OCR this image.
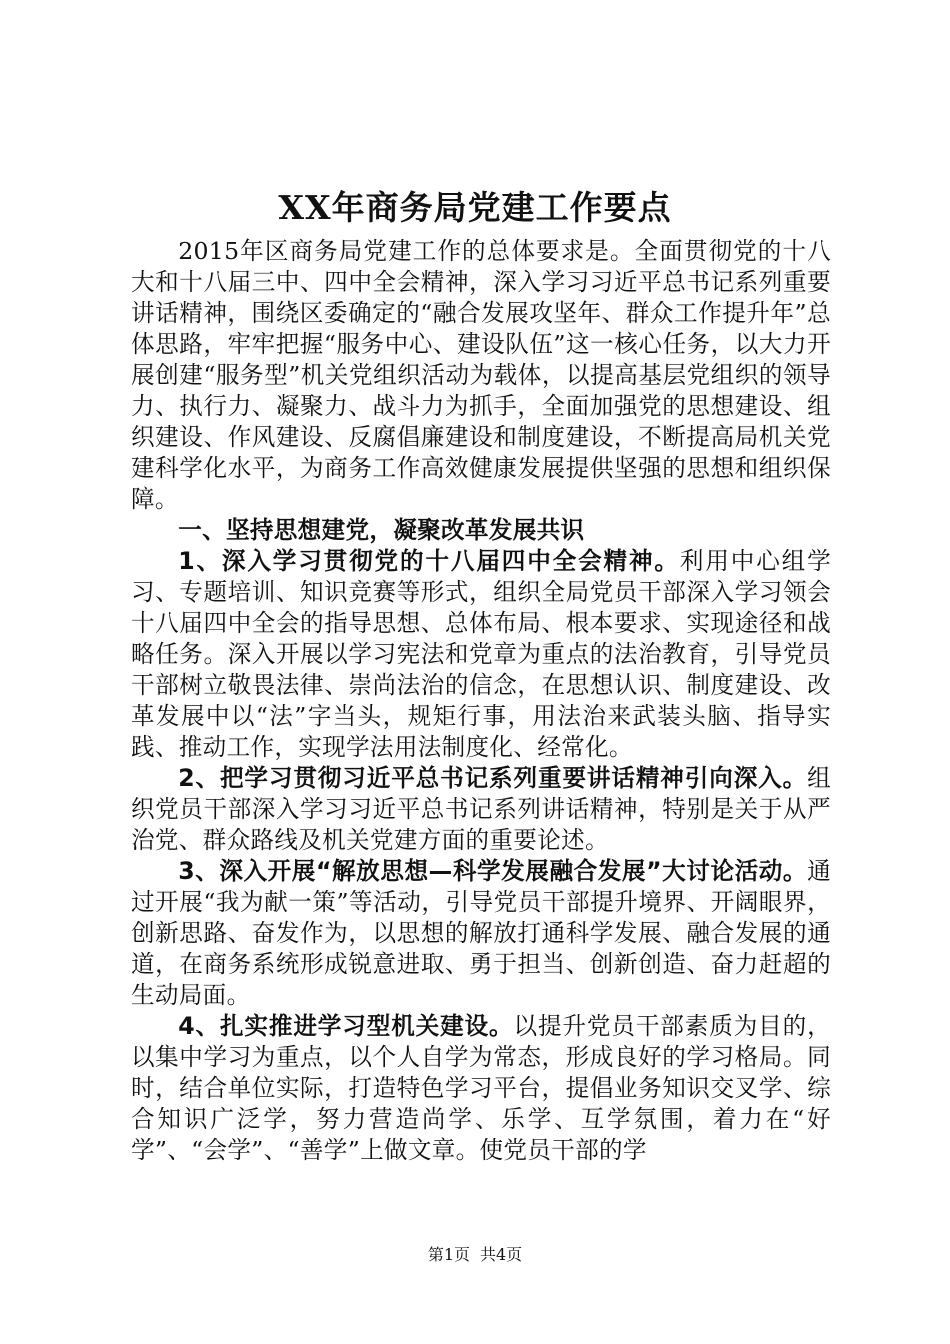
XX年商务局党建工作要点

2015年区商务局党建工作的总体要求是。全面贯彻党的十八大和十八届三中、四中全会精神，深入学习习近平总书记系列重要讲话精神，围绕区委确定的“融合发展攻坚年、群众工作提升年”总体思路，牢牢把握“服务中心、建设队伍”这一核心任务，以大力开展创建“服务型”机关党组织活动为载体，以提高基层党组织的领导力、执行力、凝聚力、战斗力为抓手，全面加强党的思想建设、组织建设、作风建设、反腐倡廉建设和制度建设，不断提高局机关党建科学化水平，为商务工作高效健康发展提供坚强的思想和组织保障。

一、坚持思想建党，凝聚改革发展共识

1、深入学习贯彻党的十八届四中全会精神。利用中心组学习、专题培训、知识竞赛等形式，组织全局党员干部深入学习领会十八届四中全会的指导思想、总体布局、根本要求、实现途径和战略任务。深入开展以学习宪法和党章为重点的法治教育，引导党员干部树立敬畏法律、崇尚法治的信念，在思想认识、制度建设、改革发展中以“法”字当头，规矩行事，用法治来武装头脑、指导实践、推动工作，实现学法用法制度化、经常化。

2、把学习贯彻习近平总书记系列重要讲话精神引向深入。组织党员干部深入学习习近平总书记系列讲话精神，特别是关于从严治党、群众路线及机关党建方面的重要论述。

3、深入开展“解放思想—科学发展融合发展”大讨论活动。通过开展“我为献一策”等活动，引导党员干部提升境界、开阔眼界，创新思路、奋发作为，以思想的解放打通科学发展、融合发展的通道，在商务系统形成锐意进取、勇于担当、创新创造、奋力赶超的生动局面。

4、扎实推进学习型机关建设。以提升党员干部素质为目的，以集中学习为重点，以个人自学为常态，形成良好的学习格局。同时，结合单位实际，打造特色学习平台，提倡业务知识交叉学、综合知识广泛学，努力营造尚学、乐学、互学氛围，着力在“好学”、“会学”、“善学”上做文章。使党员干部的学

第1页 共4页
